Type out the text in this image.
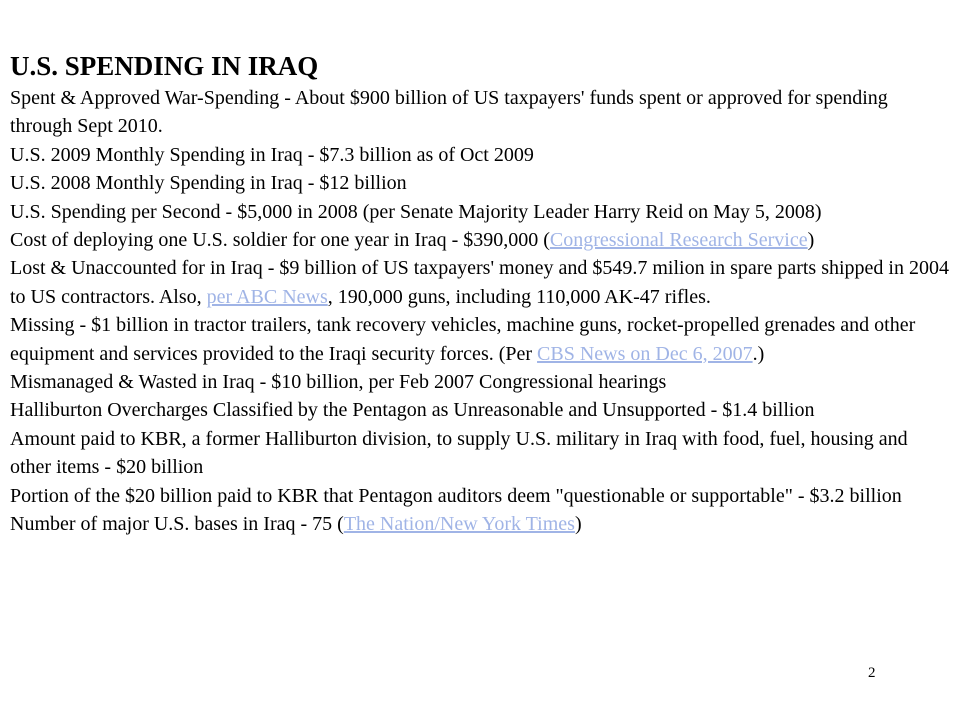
U.S. SPENDING IN IRAQ
Spent & Approved War-Spending - About $900 billion of US taxpayers' funds spent or approved for spending through Sept 2010.
U.S. 2009 Monthly Spending in Iraq - $7.3 billion as of Oct 2009
U.S. 2008 Monthly Spending in Iraq - $12 billion
U.S. Spending per Second - $5,000 in 2008 (per Senate Majority Leader Harry Reid on May 5, 2008)
Cost of deploying one U.S. soldier for one year in Iraq - $390,000 (Congressional Research Service)
Lost & Unaccounted for in Iraq - $9 billion of US taxpayers' money and $549.7 milion in spare parts shipped in 2004 to US contractors. Also, per ABC News, 190,000 guns, including 110,000 AK-47 rifles.
Missing - $1 billion in tractor trailers, tank recovery vehicles, machine guns, rocket-propelled grenades and other equipment and services provided to the Iraqi security forces. (Per CBS News on Dec 6, 2007.)
Mismanaged & Wasted in Iraq - $10 billion, per Feb 2007 Congressional hearings
Halliburton Overcharges Classified by the Pentagon as Unreasonable and Unsupported - $1.4 billion
Amount paid to KBR, a former Halliburton division, to supply U.S. military in Iraq with food, fuel, housing and other items - $20 billion
Portion of the $20 billion paid to KBR that Pentagon auditors deem "questionable or supportable" - $3.2 billion
Number of major U.S. bases in Iraq - 75 (The Nation/New York Times)
2
